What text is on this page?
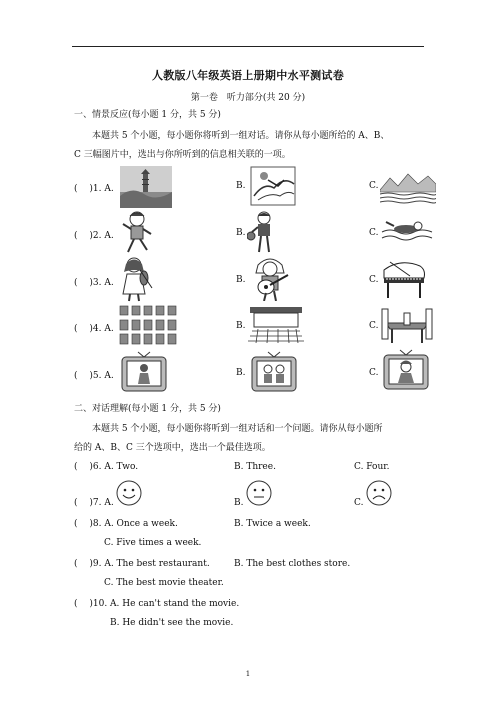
人教版八年级英语上册期中水平测试卷
第一卷　听力部分(共 20 分)
一、情景反应(每小题 1 分，共 5 分)
本题共 5 个小题，每小题你将听到一组对话。请你从每小题所给的 A、B、
C 三幅图片中，选出与你所听到的信息相关联的一项。
(　 )1. A.	B.	C.
(　 )2. A.	B.	C.
(　 )3. A.	B.	C.
(　 )4. A.	B.	C.
(　 )5. A.	B.	C.
二、对话理解(每小题 1 分，共 5 分)
本题共 5 个小题，每小题你将听到一组对话和一个问题。请你从每小题所
给的 A、B、C 三个选项中，选出一个最佳选项。
(　 )6. A. Two.	B. Three.	C. Four.
(　 )7. A.	B.	C.
(　 )8. A. Once a week.	B. Twice a week.
C. Five times a week.
(　 )9. A. The best restaurant.	B. The best clothes store.
C. The best movie theater.
(　 )10. A. He can't stand the movie.
B. He didn't see the movie.
1
